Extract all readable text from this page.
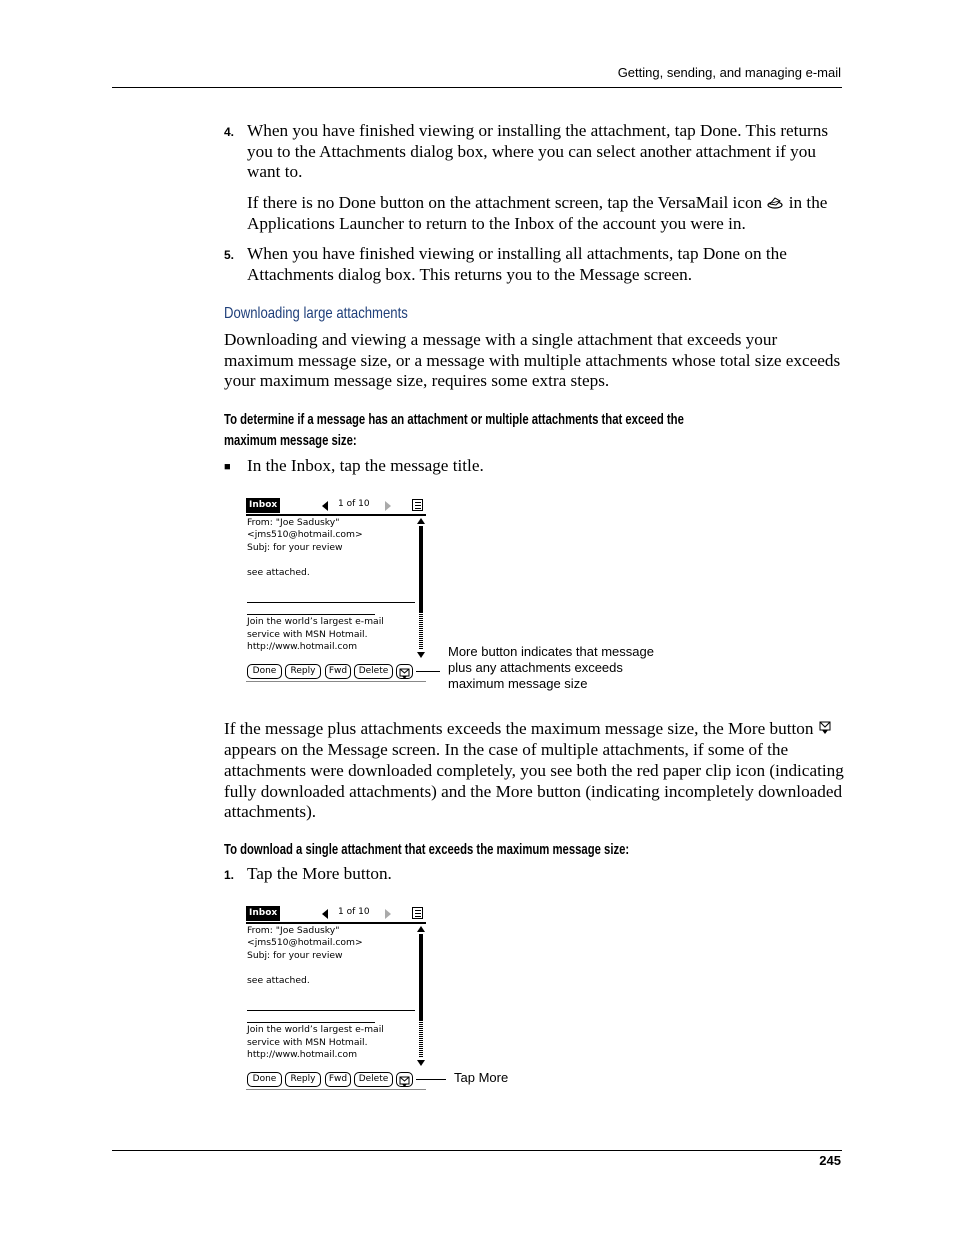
Getting, sending, and managing e-mail
4. When you have finished viewing or installing the attachment, tap Done. This returns you to the Attachments dialog box, where you can select another attachment if you want to.
If there is no Done button on the attachment screen, tap the VersaMail icon in the Applications Launcher to return to the Inbox of the account you were in.
5. When you have finished viewing or installing all attachments, tap Done on the Attachments dialog box. This returns you to the Message screen.
Downloading large attachments
Downloading and viewing a message with a single attachment that exceeds your maximum message size, or a message with multiple attachments whose total size exceeds your maximum message size, requires some extra steps.
To determine if a message has an attachment or multiple attachments that exceed the
maximum message size:
■ In the Inbox, tap the message title.
Inbox	1 of 10
From: "Joe Sadusky"
<jms510@hotmail.com>
Subj: for your review
see attached.
Join the world’s largest e-mail
service with MSN Hotmail.
http://www.hotmail.com
Done	Reply	Fwd	Delete
More button indicates that message
plus any attachments exceeds
maximum message size
If the message plus attachments exceeds the maximum message size, the More button  appears on the Message screen. In the case of multiple attachments, if some of the attachments were downloaded completely, you see both the red paper clip icon (indicating fully downloaded attachments) and the More button (indicating incompletely downloaded attachments).
To download a single attachment that exceeds the maximum message size:
1. Tap the More button.
Inbox	1 of 10
From: "Joe Sadusky"
<jms510@hotmail.com>
Subj: for your review
see attached.
Join the world’s largest e-mail
service with MSN Hotmail.
http://www.hotmail.com
Done	Reply	Fwd	Delete	Tap More
245
